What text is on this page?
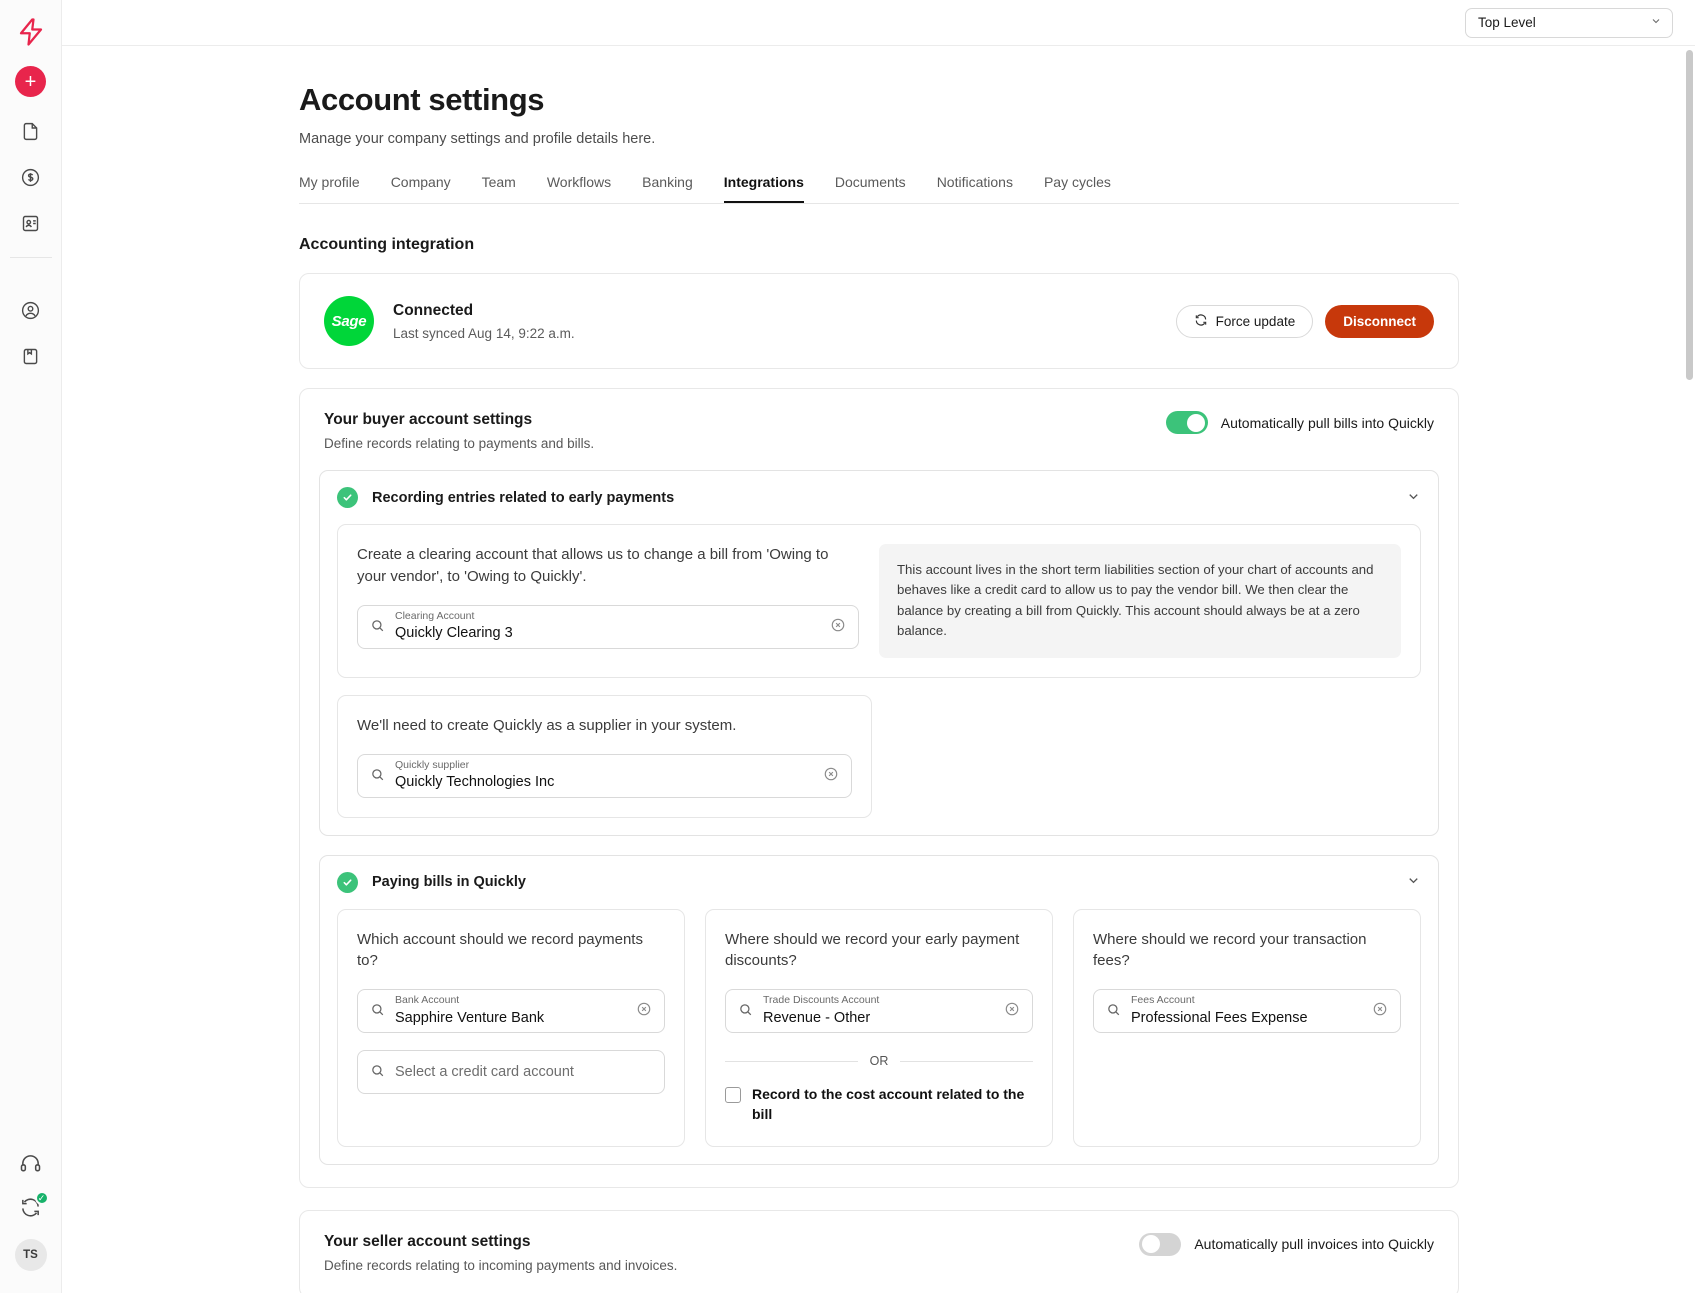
+
✓
TS
Top Level
Account settings

Manage your company settings and profile details here.

My profile Company Team Workflows Banking Integrations Documents Notifications Pay cycles
Accounting integration
Sage
Connected
Last synced Aug 14, 9:22 a.m.
Force update	Disconnect
Your buyer account settings

Define records relating to payments and bills.

Automatically pull bills into Quickly
Recording entries related to early payments
Create a clearing account that allows us to change a bill from 'Owing to your vendor', to 'Owing to Quickly'.
Clearing Account
Quickly Clearing 3
This account lives in the short term liabilities section of your chart of accounts and behaves like a credit card to allow us to pay the vendor bill. We then clear the balance by creating a bill from Quickly. This account should always be at a zero balance.
We'll need to create Quickly as a supplier in your system.
Quickly supplier
Quickly Technologies Inc
Paying bills in Quickly
Which account should we record payments to?
Bank Account
Sapphire Venture Bank
Select a credit card account
Where should we record your early payment discounts?
Trade Discounts Account
Revenue - Other
OR
Record to the cost account related to the bill
Where should we record your transaction fees?
Fees Account
Professional Fees Expense
Your seller account settings

Define records relating to incoming payments and invoices.

Automatically pull invoices into Quickly
